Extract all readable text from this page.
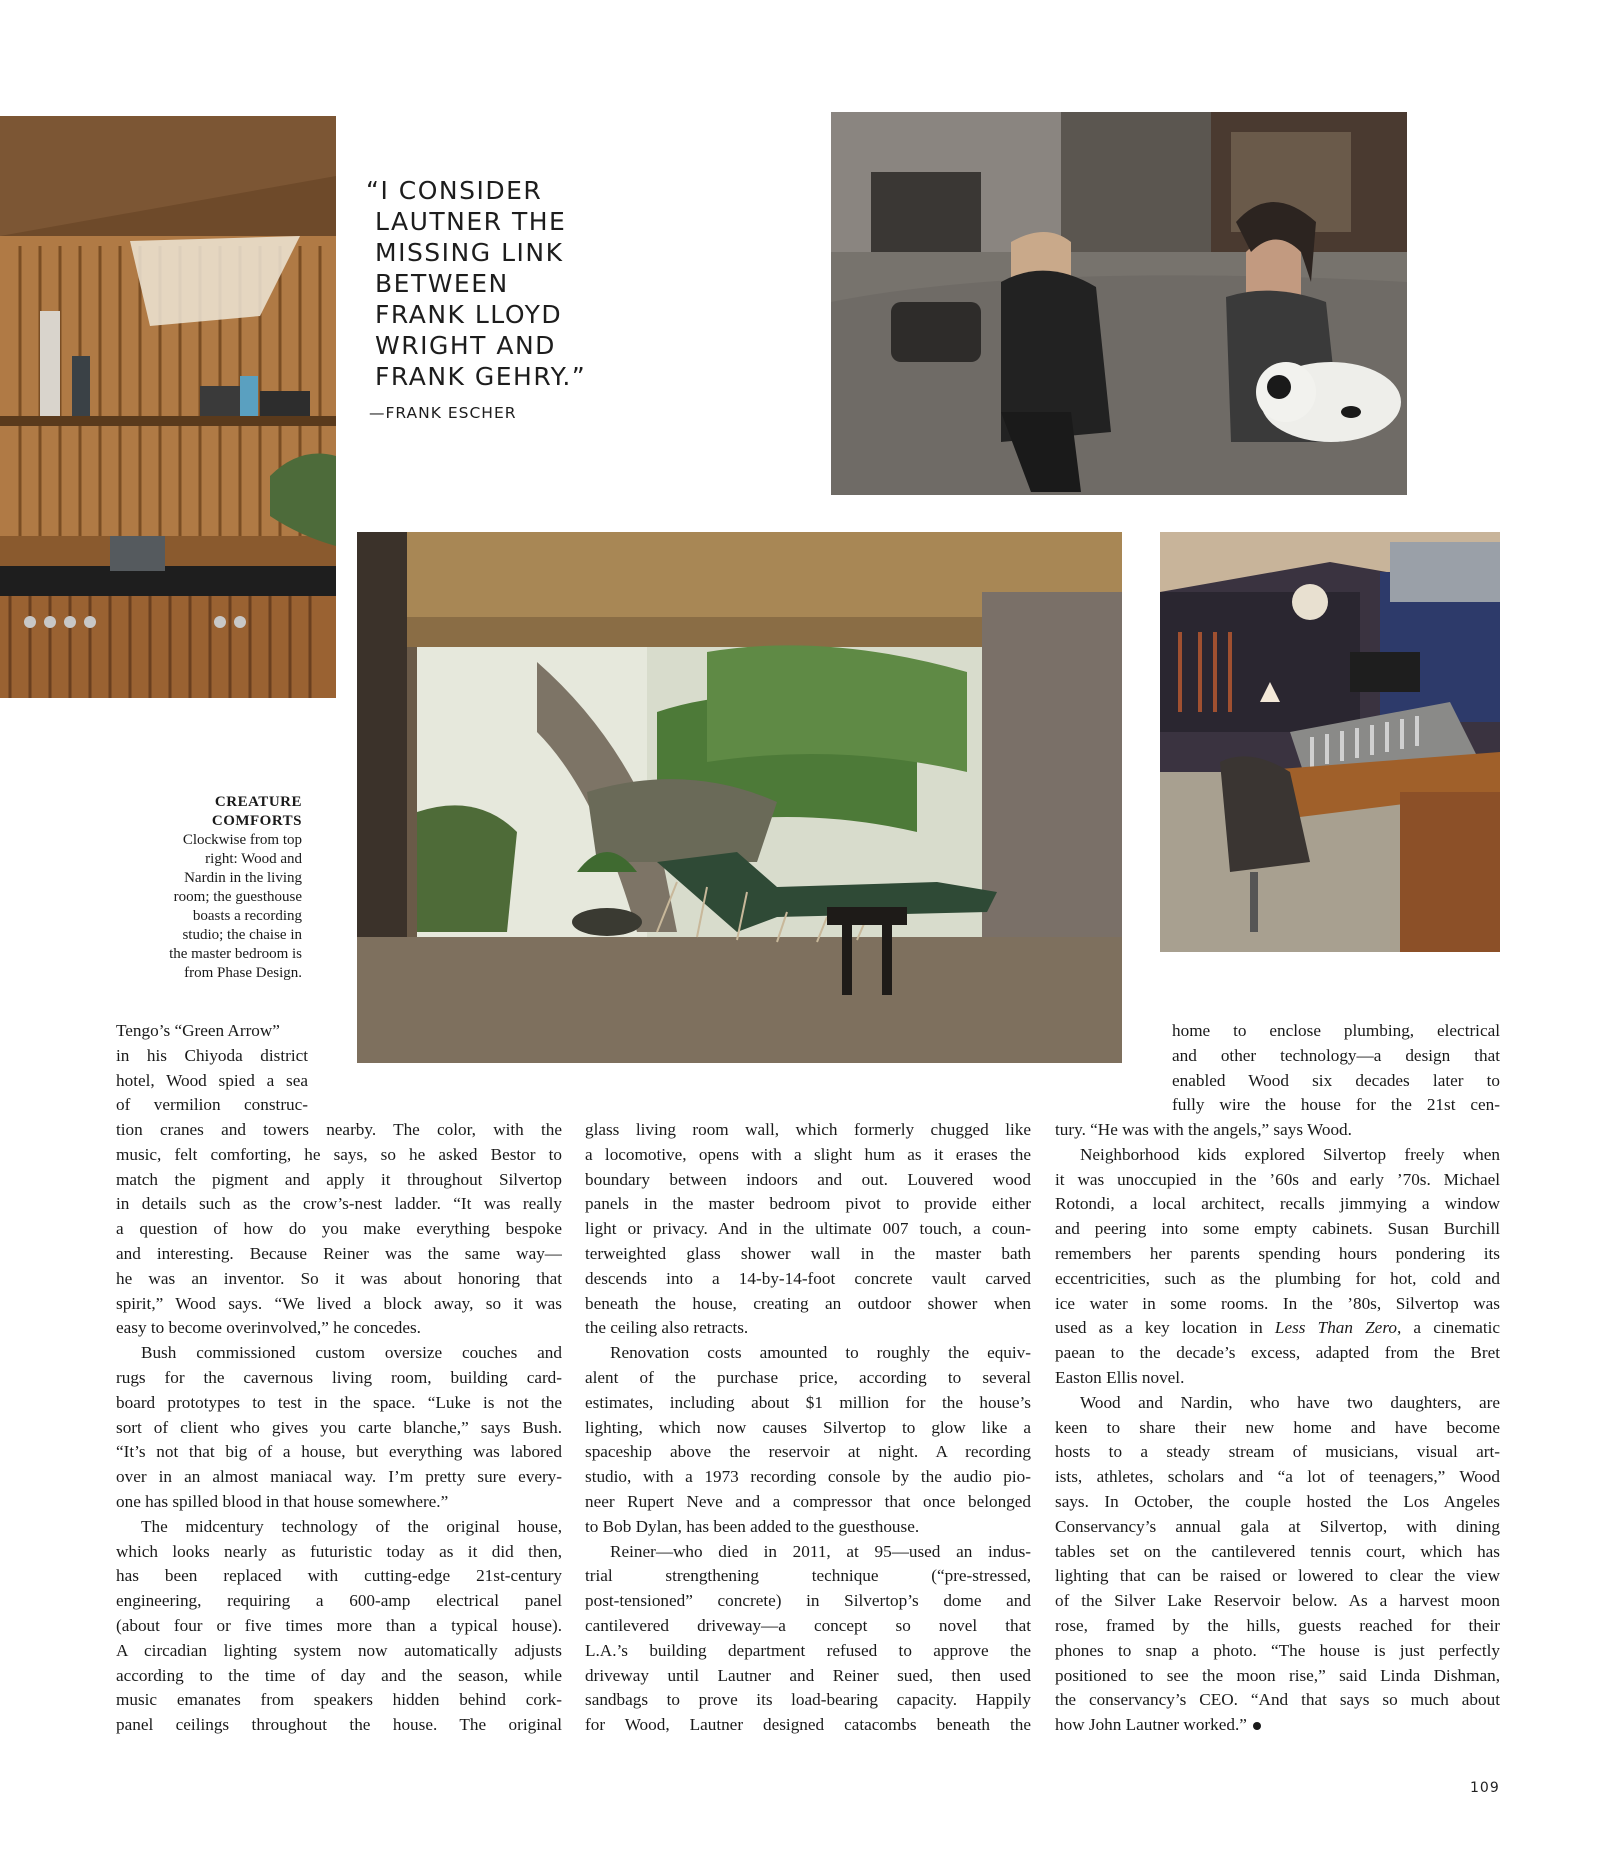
“I CONSIDER
LAUTNER THE
MISSING LINK
BETWEEN
FRANK LLOYD
WRIGHT AND
FRANK GEHRY.”
—FRANK ESCHER
CREATURE
COMFORTS
Clockwise from top
right: Wood and
Nardin in the living
room; the guesthouse
boasts a recording
studio; the chaise in
the master bedroom is
from Phase Design.
Tengo’s “Green Arrow”
in his Chiyoda district
hotel, Wood spied a sea
of vermilion construc-
tion cranes and towers nearby. The color, with the
music, felt comforting, he says, so he asked Bestor to
match the pigment and apply it throughout Silvertop
in details such as the crow’s-nest ladder. “It was really
a question of how do you make everything bespoke
and interesting. Because Reiner was the same way—
he was an inventor. So it was about honoring that
spirit,” Wood says. “We lived a block away, so it was
easy to become overinvolved,” he concedes.
Bush commissioned custom oversize couches and
rugs for the cavernous living room, building card-
board prototypes to test in the space. “Luke is not the
sort of client who gives you carte blanche,” says Bush.
“It’s not that big of a house, but everything was labored
over in an almost maniacal way. I’m pretty sure every-
one has spilled blood in that house somewhere.”
The midcentury technology of the original house,
which looks nearly as futuristic today as it did then,
has been replaced with cutting-edge 21st-century
engineering, requiring a 600-amp electrical panel
(about four or five times more than a typical house).
A circadian lighting system now automatically adjusts
according to the time of day and the season, while
music emanates from speakers hidden behind cork-
panel ceilings throughout the house. The original
glass living room wall, which formerly chugged like
a locomotive, opens with a slight hum as it erases the
boundary between indoors and out. Louvered wood
panels in the master bedroom pivot to provide either
light or privacy. And in the ultimate 007 touch, a coun-
terweighted glass shower wall in the master bath
descends into a 14-by-14-foot concrete vault carved
beneath the house, creating an outdoor shower when
the ceiling also retracts.
Renovation costs amounted to roughly the equiv-
alent of the purchase price, according to several
estimates, including about $1 million for the house’s
lighting, which now causes Silvertop to glow like a
spaceship above the reservoir at night. A recording
studio, with a 1973 recording console by the audio pio-
neer Rupert Neve and a compressor that once belonged
to Bob Dylan, has been added to the guesthouse.
Reiner—who died in 2011, at 95—used an indus-
trial strengthening technique (“pre-stressed,
post-tensioned” concrete) in Silvertop’s dome and
cantilevered driveway—a concept so novel that
L.A.’s building department refused to approve the
driveway until Lautner and Reiner sued, then used
sandbags to prove its load-bearing capacity. Happily
for Wood, Lautner designed catacombs beneath the
home to enclose plumbing, electrical
and other technology—a design that
enabled Wood six decades later to
fully wire the house for the 21st cen-
tury. “He was with the angels,” says Wood.
Neighborhood kids explored Silvertop freely when
it was unoccupied in the ’60s and early ’70s. Michael
Rotondi, a local architect, recalls jimmying a window
and peering into some empty cabinets. Susan Burchill
remembers her parents spending hours pondering its
eccentricities, such as the plumbing for hot, cold and
ice water in some rooms. In the ’80s, Silvertop was
used as a key location in Less Than Zero, a cinematic
paean to the decade’s excess, adapted from the Bret
Easton Ellis novel.
Wood and Nardin, who have two daughters, are
keen to share their new home and have become
hosts to a steady stream of musicians, visual art-
ists, athletes, scholars and “a lot of teenagers,” Wood
says. In October, the couple hosted the Los Angeles
Conservancy’s annual gala at Silvertop, with dining
tables set on the cantilevered tennis court, which has
lighting that can be raised or lowered to clear the view
of the Silver Lake Reservoir below. As a harvest moon
rose, framed by the hills, guests reached for their
phones to snap a photo. “The house is just perfectly
positioned to see the moon rise,” said Linda Dishman,
the conservancy’s CEO. “And that says so much about
how John Lautner worked.”
109
